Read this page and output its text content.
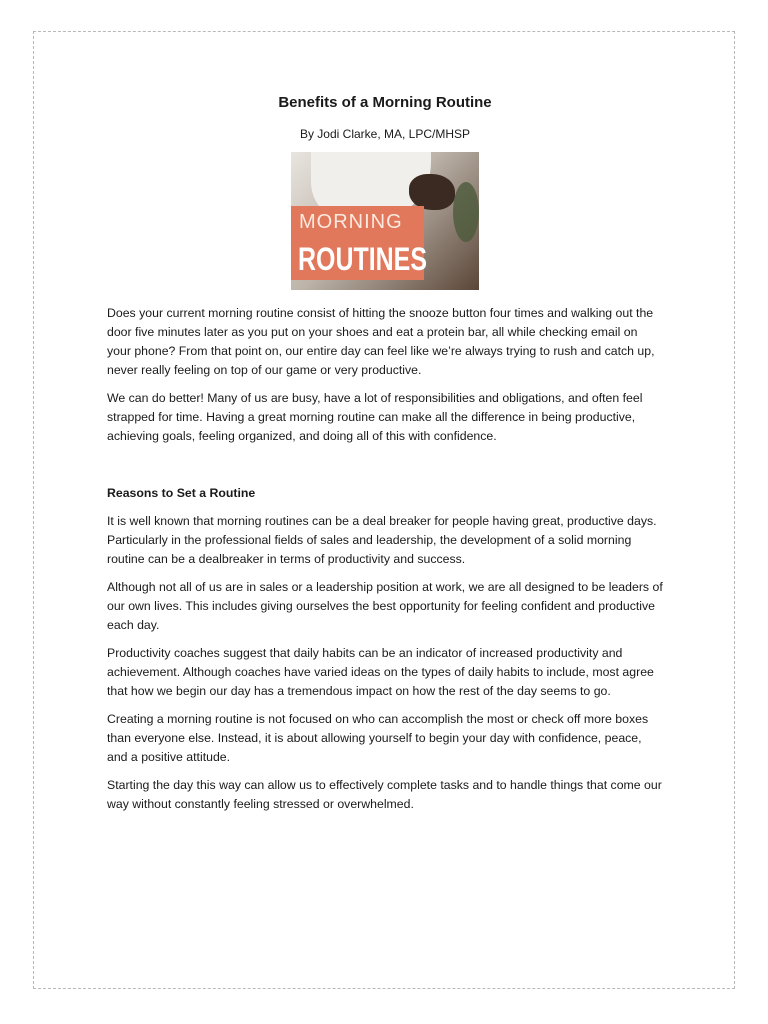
Benefits of a Morning Routine

By Jodi Clarke, MA, LPC/MHSP

MORNING
ROUTINES

Does your current morning routine consist of hitting the snooze button four times and walking out the door five minutes later as you put on your shoes and eat a protein bar, all while checking email on your phone? From that point on, our entire day can feel like we’re always trying to rush and catch up, never really feeling on top of our game or very productive.

We can do better! Many of us are busy, have a lot of responsibilities and obligations, and often feel strapped for time. Having a great morning routine can make all the difference in being productive, achieving goals, feeling organized, and doing all of this with confidence.

Reasons to Set a Routine

It is well known that morning routines can be a deal breaker for people having great, productive days. Particularly in the professional fields of sales and leadership, the development of a solid morning routine can be a dealbreaker in terms of productivity and success.

Although not all of us are in sales or a leadership position at work, we are all designed to be leaders of our own lives. This includes giving ourselves the best opportunity for feeling confident and productive each day.

Productivity coaches suggest that daily habits can be an indicator of increased productivity and achievement. Although coaches have varied ideas on the types of daily habits to include, most agree that how we begin our day has a tremendous impact on how the rest of the day seems to go.

Creating a morning routine is not focused on who can accomplish the most or check off more boxes than everyone else. Instead, it is about allowing yourself to begin your day with confidence, peace, and a positive attitude.

Starting the day this way can allow us to effectively complete tasks and to handle things that come our way without constantly feeling stressed or overwhelmed.
